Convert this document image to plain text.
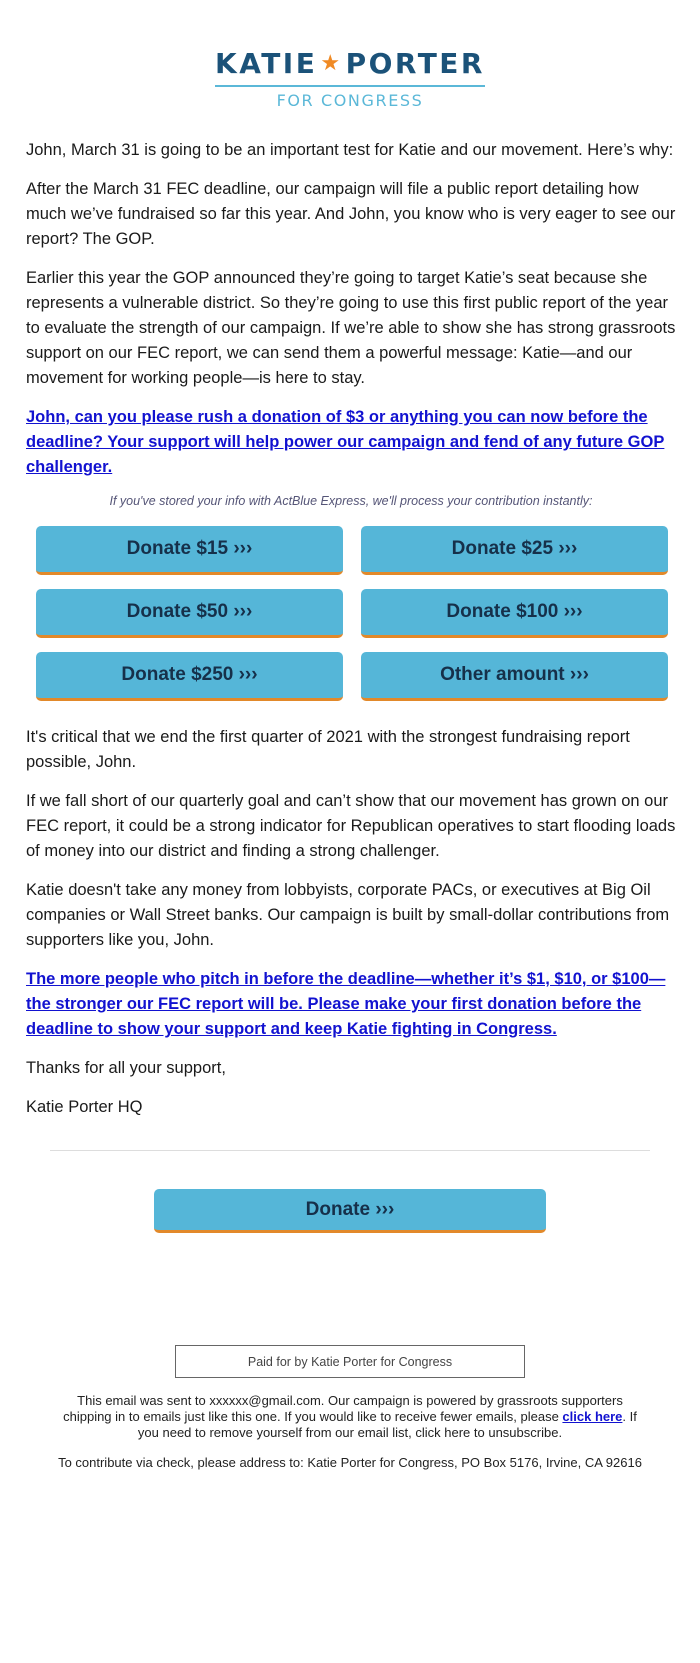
KATIE ★ PORTER
FOR CONGRESS

John, March 31 is going to be an important test for Katie and our movement. Here’s why:

After the March 31 FEC deadline, our campaign will file a public report detailing how much we’ve fundraised so far this year. And John, you know who is very eager to see our report? The GOP.

Earlier this year the GOP announced they’re going to target Katie’s seat because she represents a vulnerable district. So they’re going to use this first public report of the year to evaluate the strength of our campaign. If we’re able to show she has strong grassroots support on our FEC report, we can send them a powerful message: Katie—and our movement for working people—is here to stay.

John, can you please rush a donation of $3 or anything you can now before the deadline? Your support will help power our campaign and fend of any future GOP challenger.

If you've stored your info with ActBlue Express, we'll process your contribution instantly:
Donate $15 ›››	Donate $25 ›››
Donate $50 ›››	Donate $100 ›››
Donate $250 ›››	Other amount ›››

It's critical that we end the first quarter of 2021 with the strongest fundraising report possible, John.

If we fall short of our quarterly goal and can’t show that our movement has grown on our FEC report, it could be a strong indicator for Republican operatives to start flooding loads of money into our district and finding a strong challenger.

Katie doesn't take any money from lobbyists, corporate PACs, or executives at Big Oil companies or Wall Street banks. Our campaign is built by small-dollar contributions from supporters like you, John.

The more people who pitch in before the deadline—whether it’s $1, $10, or $100—the stronger our FEC report will be. Please make your first donation before the deadline to show your support and keep Katie fighting in Congress.

Thanks for all your support,

Katie Porter HQ

Donate ›››
Paid for by Katie Porter for Congress

This email was sent to xxxxxx@gmail.com. Our campaign is powered by grassroots supporters chipping in to emails just like this one. If you would like to receive fewer emails, please click here. If you need to remove yourself from our email list, click here to unsubscribe.

To contribute via check, please address to: Katie Porter for Congress, PO Box 5176, Irvine, CA 92616
